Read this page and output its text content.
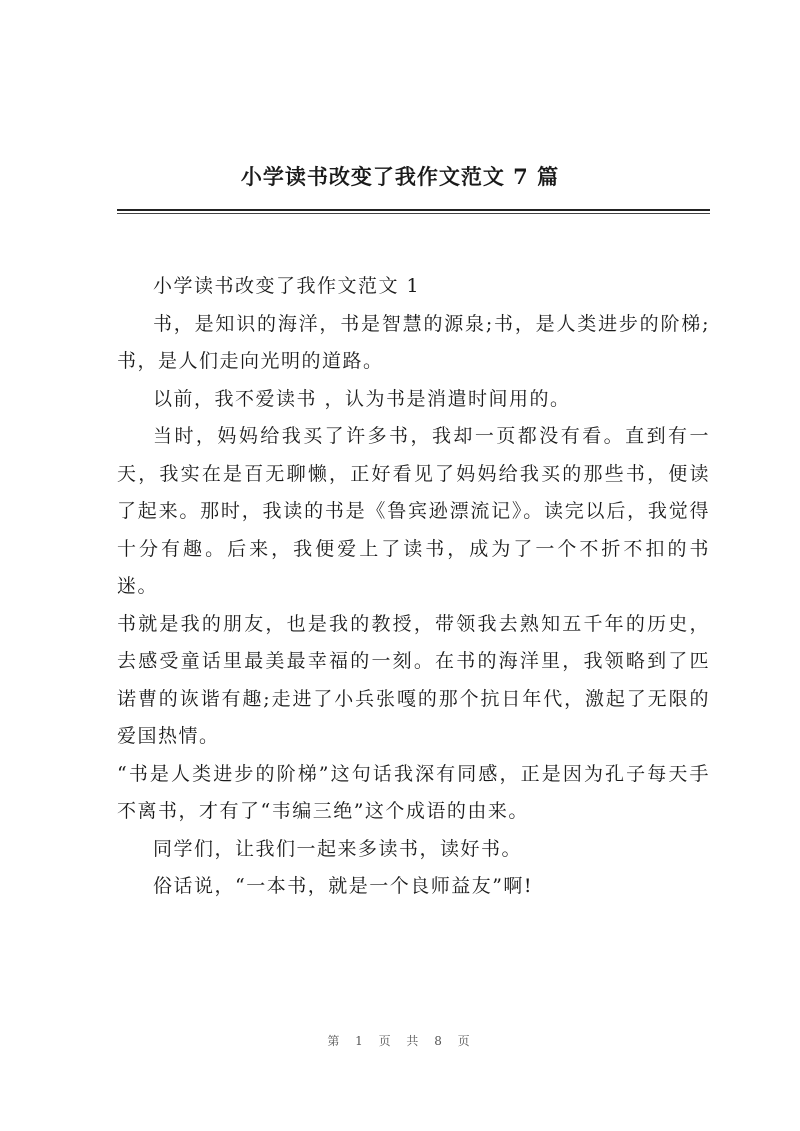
小学读书改变了我作文范文 7 篇

小学读书改变了我作文范文 1

书，是知识的海洋，书是智慧的源泉;书，是人类进步的阶梯;书，是人们走向光明的道路。

以前，我不爱读书 ，认为书是消遣时间用的。

当时，妈妈给我买了许多书，我却一页都没有看。直到有一天，我实在是百无聊懒，正好看见了妈妈给我买的那些书，便读了起来。那时，我读的书是《鲁宾逊漂流记》。读完以后，我觉得十分有趣。后来，我便爱上了读书，成为了一个不折不扣的书迷。

书就是我的朋友，也是我的教授，带领我去熟知五千年的历史，去感受童话里最美最幸福的一刻。在书的海洋里，我领略到了匹诺曹的诙谐有趣;走进了小兵张嘎的那个抗日年代，激起了无限的爱国热情。

“书是人类进步的阶梯”这句话我深有同感，正是因为孔子每天手不离书，才有了“韦编三绝”这个成语的由来。

同学们，让我们一起来多读书，读好书。

俗话说，“一本书，就是一个良师益友”啊!

第 1 页 共 8 页
